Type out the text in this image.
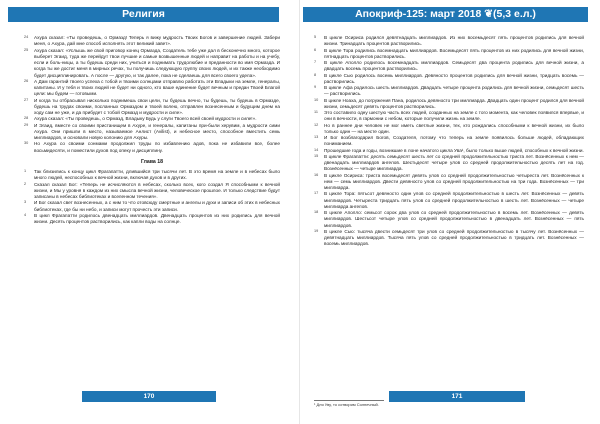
Религия

24 Ахура сказал: «Ты проведешь, о Ормазд! Теперь я вижу мудрость Твоих Богов и завершение людей. Забери меня, о Ахура, дай мне способ исполнять этот великий завет».

25 Ахура сказал: «Услышь же свой приговор конец Ормазда, Создатель тебе уже дал в бесконечно много, которое выберет Эгаид, туда же перейдут твои лучшие и самые возвышенные людей и направит на работы и на учебу, если и боль-ницы, а ты будешь среди них, учиться и поднимать трудолюбие и преданности во имя Ормазда. И когда ты же достиг меня в мирных речах, ты получишь следующую группу своих людей, и их также необходимо будет дисциплинировать. А после — другую, и так далее, пока не сделаешь для всего своего удела».

26 А Дам гарантий твоего успеха с тобой и твоими солнцами отправлю работать эти Владыки на земле, генералы, капитаны. И у тебя и твоих людей не будет ни одного, кто ваше единение будет вечным и предан Твоей Благой цели: мы будем — готовыми.

27 И когда ты отбрасывал нисколько поднимешь свои цели, ты будешь вечно, ты будешь, ты будешь в Ормазде, будешь на трудах своими, посланных Ормаздом и твоей волею, отправлен вознесенным и будущим днем на ходу сам не уже, и да прибудет с тобой Ормазд и мудрости и силе».

28 Ахура сказал: «Ты проведешь, о Ормазд, Владыку Будь у слуги Твоего всей своей мудрости и силе!».

29 И Эгаид, вместе со своими пристанищем в Ахуре, и генералы, капитаны при-были херувим, а мудрости сими Ахура. Они пришли в место, называемое Анлист (Avilist), и небесное место, способное вместить семь миллиардов, и основали новую колонию для Ахуры.

30 Но Ахура со своими сонмами продолжил труды по избавлению адов, пока не избавили все, более восьмидесяти, и поместили духов под опеку и дисциплину.

Глава 18

1 Так близились к концу цикл Фрагапатти, длившийся три тысячи лет. В это время на земле и в небесах было много людей, неспособных к вечной жизни, включая духов и в других.

2 Сказал сказал Бог: «Теперь не исчисляются в небесах, сколько всех, кого создал Я способными к вечной жизни, и Мы у уровня в каждом из них смысла вечной жизни, человеческое прошлое. И только следствие будут записаны в небесах библиотеках и вселенном течения».

3 И Бог сказал свет вознесенных, а с ним то что отовсюду смертные и ангелы и духи и записи об этих в небесных библиотеках, где бы ни небо, и записи могут прочесть эти записи.

4 В цикл Фрагапатти родилось двенадцать миллиардов. Двенадцать процентов из них родились для вечной жизни. Десять процентов растворились, как капли воды на солнце.

170
Апокриф-125: март 2018 ❦(5,3 е.л.)

5 В цикле Осириса родился девятнадцать миллиардов. Из них восемьдесят пять процентов родились для вечной жизни. Тринадцать процентов растворились.

6 В цикле Тора родились восемнадцать миллиардов. Восемьдесят пять процентов из них родились для вечной жизни, пятнадцать процентов растворились.

7 В цикле Аполло родилось восемнадцать миллиардов. Семьдесят два процента родились для вечной жизни, а двадцать восемь процентов растворились.

8 В цикле Сью родилось восемь миллиардов. Девяносто процентов родились для вечной жизни, тридцать восемь — растворились.

9 В цикле Афа родилось шесть миллиардов. Двадцать четыре процента родились для вечной жизни, семьдесят шесть — растворились.

10 В цикле Ноаха, до погружения Пана, родилось девяносто три миллиарда. Двадцать один процент родился для вечной жизни, семьдесят девять процентов растворились.

11 Это составило одну шестую часть всех людей, созданных на земле с того момента, как человек появился впервые, и они в вечности, в гармонии с небом, которые получили жизнь на земле.

12 Но в раннее дни человек не мог иметь светлые жизни, тех, кто рождались способными к вечной жизни, их было только один — на месте один.

13 И Бог возблагодарил Богов, Создателя, потому что теперь на земле появилось больше людей, обладающих пониманием.

14 Прошедшие года и годы, возникшие в лоне начатого цикла Ува¹, было только выше людей, способных к вечной жизни.

15 В цикле Фрагапатти: десять семьдесят шесть лет со средней продолжительностью триста лет. Вознёсенных к нем — двенадцать миллиардов ангелов. Шестьдесят четыре улов со средней продолжительностью десять лет на год. Вознёсенных — четыре миллиарда.

16 В цикле Осириса: триста восемьдесят девять улов со средней продолжительностью четыреста лет. Вознёсенных к нем — семь миллиардов. Двести девяносто улов со средней продолжительностью на три года. Вознёсенных — три миллиарда.

17 В цикле Тора: пятьсот девяносто один улов со средней продолжительностью в шесть лет. Вознёсенных — девять миллиардов. Четыреста тридцать пять улов со средней продолжительностью в шесть лет. Вознёсенных — четыре миллиарда ангелов.

18 В цикле Аполло: семьсот сорок два улов со средней продолжительностью в восемь лет. Вознёсенных — девять миллиардов. Шестьсот четыре улов со средней продолжительностью в двенадцать лет. Вознёсенных — пять миллиардов.

19 В цикле Сью: тысяча двести семьдесят три улов со средней продолжительностью в тысячу лет. Вознёсенных — девятнадцать миллиардов. Тысяча пять улов со средней продолжительностью в тридцать лет. Вознёсенных — восемь миллиардов.

¹ Для Уву, то сотворим Солнечный.
171
